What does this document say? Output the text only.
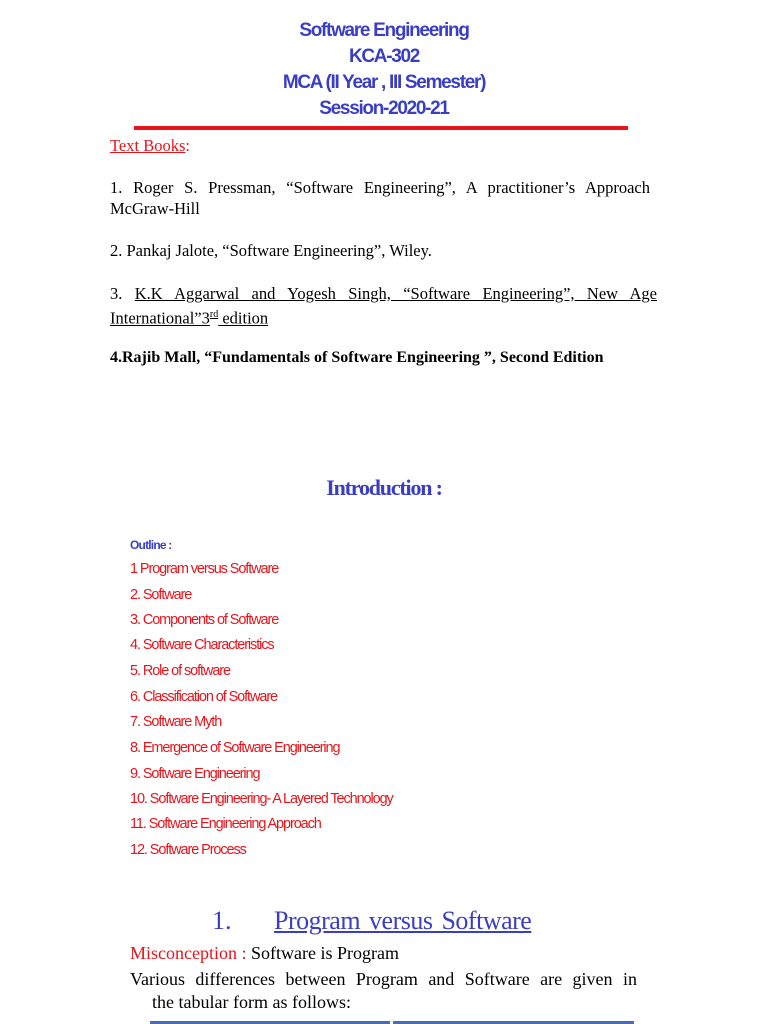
Software Engineering
KCA-302
MCA (II Year , III Semester)
Session-2020-21
Text Books:
1. Roger S. Pressman, “Software Engineering”, A practitioner’s Approach
McGraw-Hill
2. Pankaj Jalote, “Software Engineering”, Wiley.
3. K.K Aggarwal and Yogesh Singh, “Software Engineering”, New Age
International”3rd edition
4.Rajib Mall, “Fundamentals of Software Engineering ”, Second Edition
Introduction :
Outline :
1 Program versus Software
2. Software
3. Components of Software
4. Software Characteristics
5. Role of software
6. Classification of Software
7. Software Myth
8. Emergence of Software Engineering
9. Software Engineering
10. Software Engineering- A Layered Technology
11. Software Engineering Approach
12. Software Process
1. Program versus Software
Misconception : Software is Program
Various differences between Program and Software are given in
the tabular form as follows:
